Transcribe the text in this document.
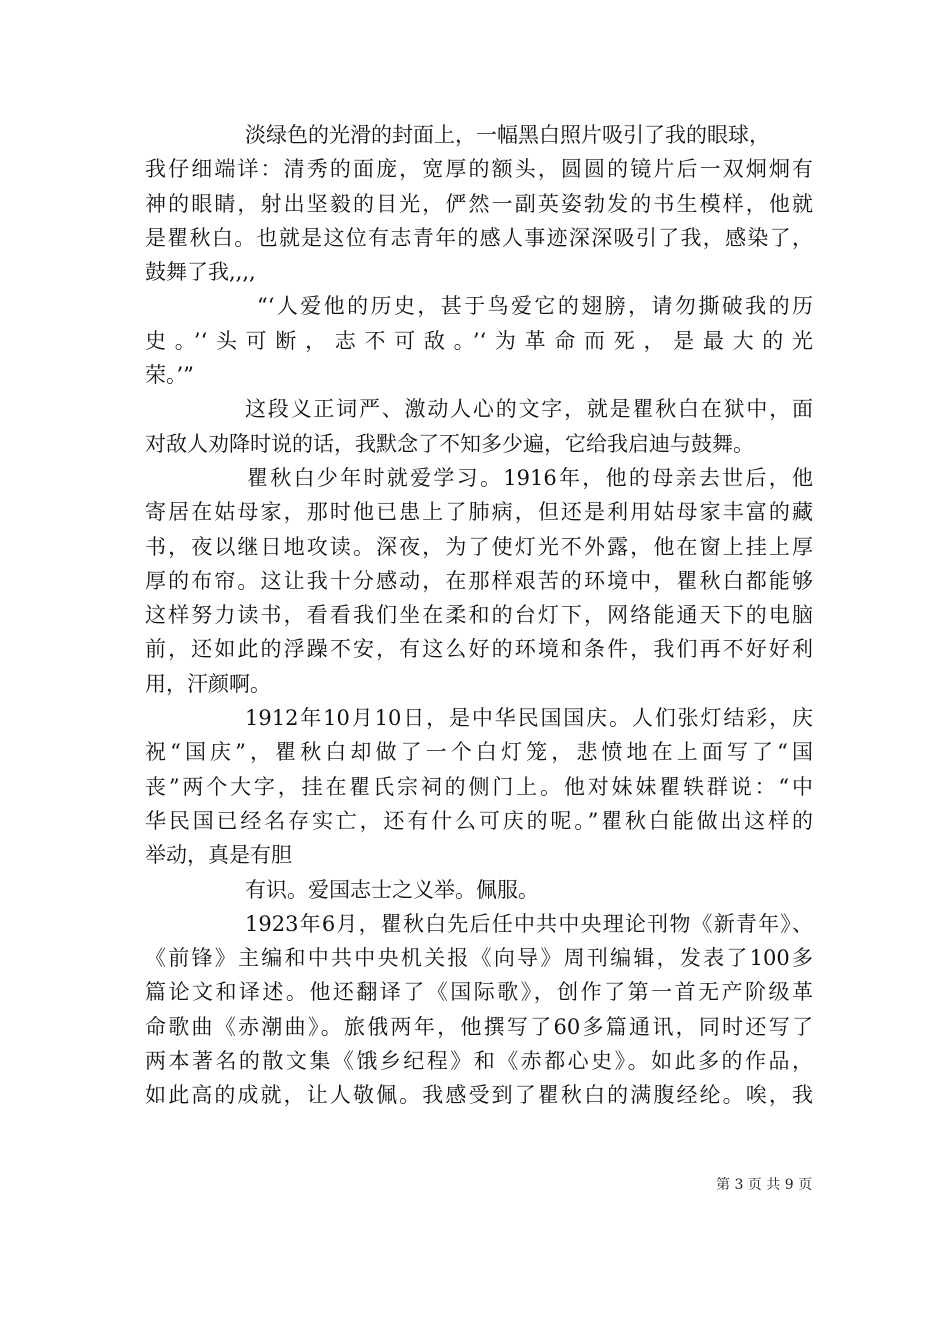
淡绿色的光滑的封面上，一幅黑白照片吸引了我的眼球，
我仔细端详：清秀的面庞，宽厚的额头，圆圆的镜片后一双炯炯有
神的眼睛，射出坚毅的目光，俨然一副英姿勃发的书生模样，他就
是瞿秋白。也就是这位有志青年的感人事迹深深吸引了我，感染了，
鼓舞了我,,,,
“‘人爱他的历史，甚于鸟爱它的翅膀，请勿撕破我的历
史。’‘头可断，志不可敌。’‘为革命而死，是最大的光
荣。’”
这段义正词严、激动人心的文字，就是瞿秋白在狱中，面
对敌人劝降时说的话，我默念了不知多少遍，它给我启迪与鼓舞。
瞿秋白少年时就爱学习。1916年，他的母亲去世后，他
寄居在姑母家，那时他已患上了肺病，但还是利用姑母家丰富的藏
书，夜以继日地攻读。深夜，为了使灯光不外露，他在窗上挂上厚
厚的布帘。这让我十分感动，在那样艰苦的环境中，瞿秋白都能够
这样努力读书，看看我们坐在柔和的台灯下，网络能通天下的电脑
前，还如此的浮躁不安，有这么好的环境和条件，我们再不好好利
用，汗颜啊。
1912年10月10日，是中华民国国庆。人们张灯结彩，庆
祝“国庆”，瞿秋白却做了一个白灯笼，悲愤地在上面写了“国
丧”两个大字，挂在瞿氏宗祠的侧门上。他对妹妹瞿轶群说：“中
华民国已经名存实亡，还有什么可庆的呢。”瞿秋白能做出这样的
举动，真是有胆
有识。爱国志士之义举。佩服。
1923年6月，瞿秋白先后任中共中央理论刊物《新青年》、
《前锋》主编和中共中央机关报《向导》周刊编辑，发表了100多
篇论文和译述。他还翻译了《国际歌》，创作了第一首无产阶级革
命歌曲《赤潮曲》。旅俄两年，他撰写了60多篇通讯，同时还写了
两本著名的散文集《饿乡纪程》和《赤都心史》。如此多的作品，
如此高的成就，让人敬佩。我感受到了瞿秋白的满腹经纶。唉，我
第 3 页 共 9 页
